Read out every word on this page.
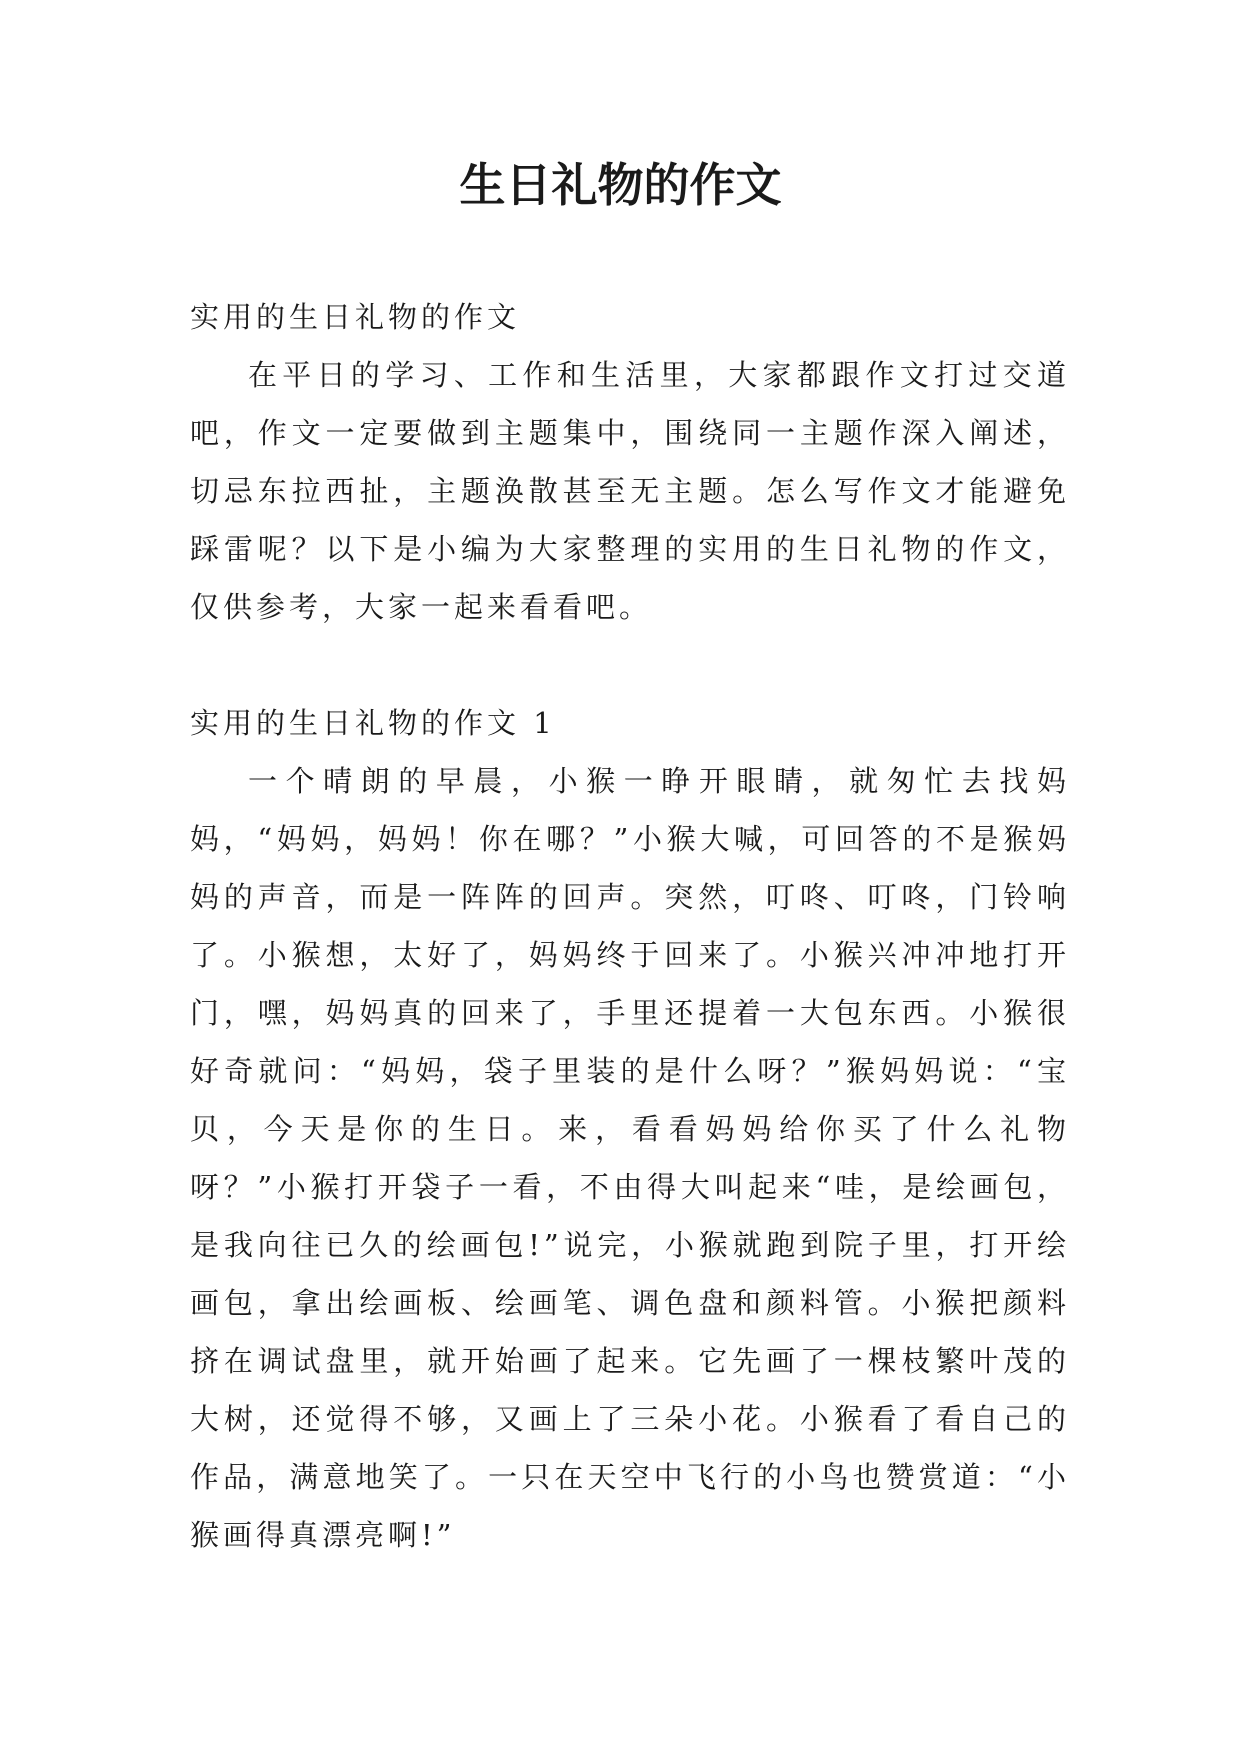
生日礼物的作文
实用的生日礼物的作文

在平日的学习、工作和生活里，大家都跟作文打过交道吧，作文一定要做到主题集中，围绕同一主题作深入阐述，切忌东拉西扯，主题涣散甚至无主题。怎么写作文才能避免踩雷呢？以下是小编为大家整理的实用的生日礼物的作文，仅供参考，大家一起来看看吧。

实用的生日礼物的作文 1

一个晴朗的早晨，小猴一睁开眼睛，就匆忙去找妈妈，“妈妈，妈妈！你在哪？”小猴大喊，可回答的不是猴妈妈的声音，而是一阵阵的回声。突然，叮咚、叮咚，门铃响了。小猴想，太好了，妈妈终于回来了。小猴兴冲冲地打开门，嘿，妈妈真的回来了，手里还提着一大包东西。小猴很好奇就问：“妈妈，袋子里装的是什么呀？”猴妈妈说：“宝贝，今天是你的生日。来，看看妈妈给你买了什么礼物呀？”小猴打开袋子一看，不由得大叫起来“哇，是绘画包，是我向往已久的绘画包!”说完，小猴就跑到院子里，打开绘画包，拿出绘画板、绘画笔、调色盘和颜料管。小猴把颜料挤在调试盘里，就开始画了起来。它先画了一棵枝繁叶茂的大树，还觉得不够，又画上了三朵小花。小猴看了看自己的作品，满意地笑了。一只在天空中飞行的小鸟也赞赏道：“小猴画得真漂亮啊!”
